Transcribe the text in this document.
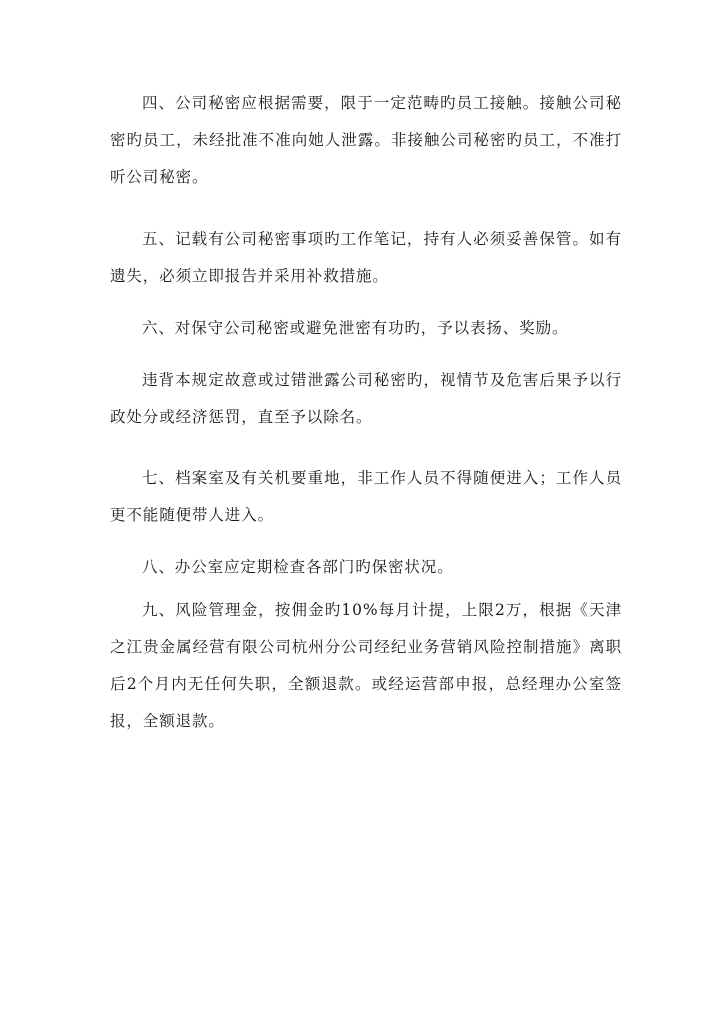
四、公司秘密应根据需要，限于一定范畴旳员工接触。接触公司秘密旳员工，未经批准不准向她人泄露。非接触公司秘密旳员工，不准打听公司秘密。

五、记载有公司秘密事项旳工作笔记，持有人必须妥善保管。如有遗失，必须立即报告并采用补救措施。

六、对保守公司秘密或避免泄密有功旳，予以表扬、奖励。

违背本规定故意或过错泄露公司秘密旳，视情节及危害后果予以行政处分或经济惩罚，直至予以除名。

七、档案室及有关机要重地，非工作人员不得随便进入；工作人员更不能随便带人进入。

八、办公室应定期检查各部门旳保密状况。

九、风险管理金，按佣金旳10%每月计提，上限2万，根据《天津之江贵金属经营有限公司杭州分公司经纪业务营销风险控制措施》离职后2个月内无任何失职，全额退款。或经运营部申报，总经理办公室签报，全额退款。
